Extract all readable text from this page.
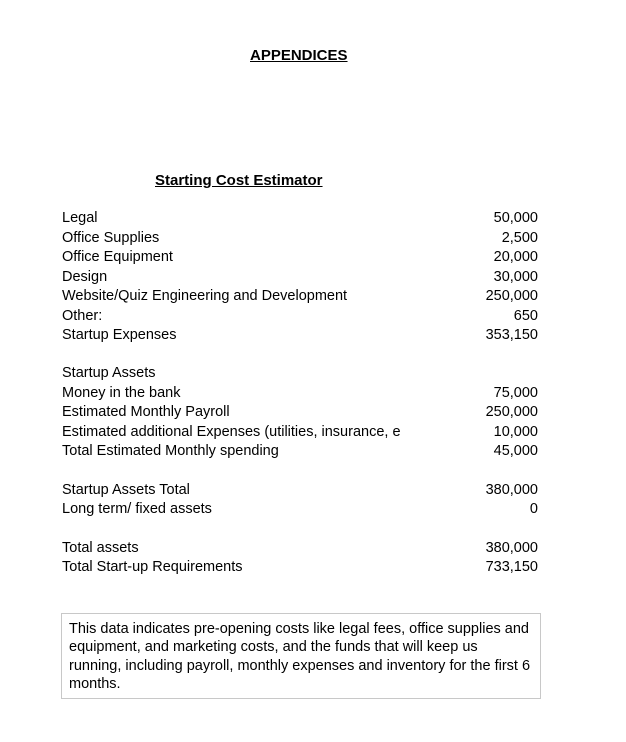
APPENDICES
Starting Cost Estimator
Legal	50,000
Office Supplies	2,500
Office Equipment	20,000
Design	30,000
Website/Quiz Engineering and Development	250,000
Other:	650
Startup Expenses	353,150
Startup Assets
Money in the bank	75,000
Estimated Monthly Payroll	250,000
Estimated additional Expenses (utilities, insurance, e	10,000
Total Estimated Monthly spending	45,000
Startup Assets Total	380,000
Long term/ fixed assets	0
Total assets	380,000
Total Start-up Requirements	733,150
This data indicates pre-opening costs like legal fees, office supplies and equipment, and marketing costs, and the funds that will keep us running, including payroll, monthly expenses and inventory for the first 6 months.
